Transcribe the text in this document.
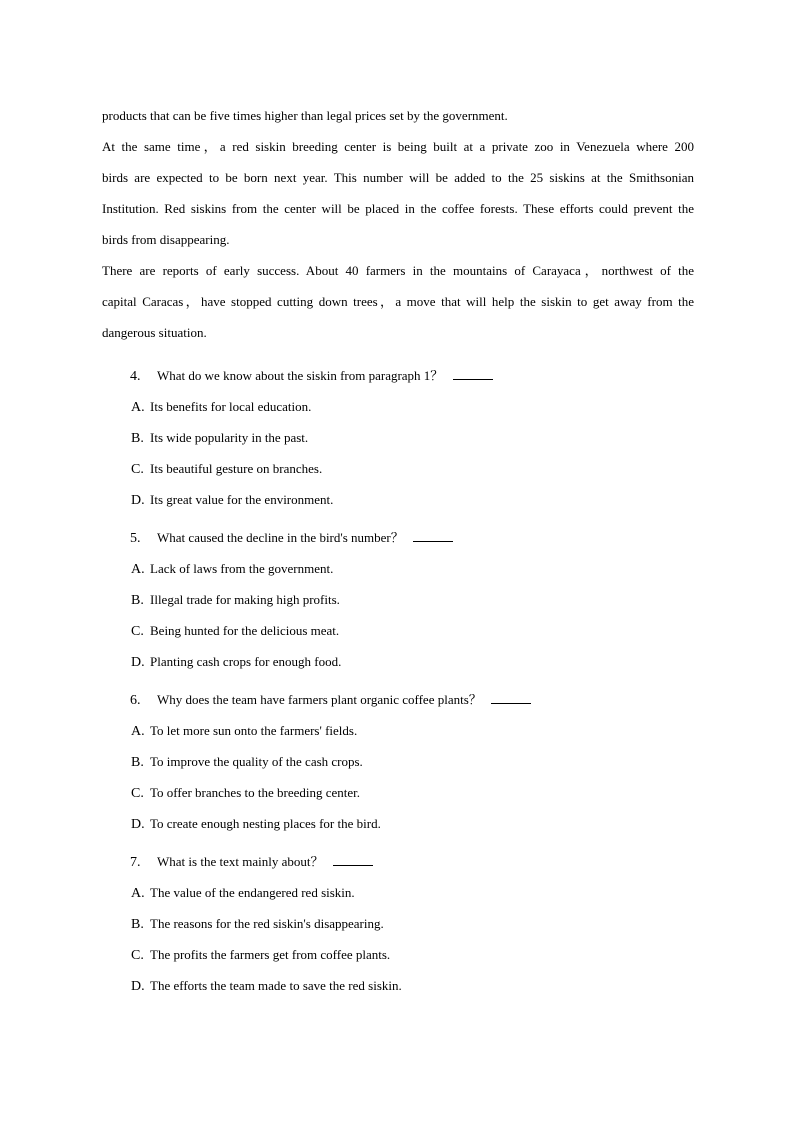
products that can be five times higher than legal prices set by the government.
At the same time，a red siskin breeding center is being built at a private zoo in Venezuela where 200
birds are expected to be born next year. This number will be added to the 25 siskins at the Smithsonian
Institution. Red siskins from the center will be placed in the coffee forests. These efforts could prevent the
birds from disappearing.
There are reports of early success. About 40 farmers in the mountains of Carayaca，northwest of the
capital Caracas，have stopped cutting down trees，a move that will help the siskin to get away from the
dangerous situation.
4. What do we know about the siskin from paragraph 1？
A. Its benefits for local education.
B. Its wide popularity in the past.
C. Its beautiful gesture on branches.
D. Its great value for the environment.
5. What caused the decline in the bird's number？
A. Lack of laws from the government.
B. Illegal trade for making high profits.
C. Being hunted for the delicious meat.
D. Planting cash crops for enough food.
6. Why does the team have farmers plant organic coffee plants？
A. To let more sun onto the farmers' fields.
B. To improve the quality of the cash crops.
C. To offer branches to the breeding center.
D. To create enough nesting places for the bird.
7. What is the text mainly about？
A. The value of the endangered red siskin.
B. The reasons for the red siskin's disappearing.
C. The profits the farmers get from coffee plants.
D. The efforts the team made to save the red siskin.
